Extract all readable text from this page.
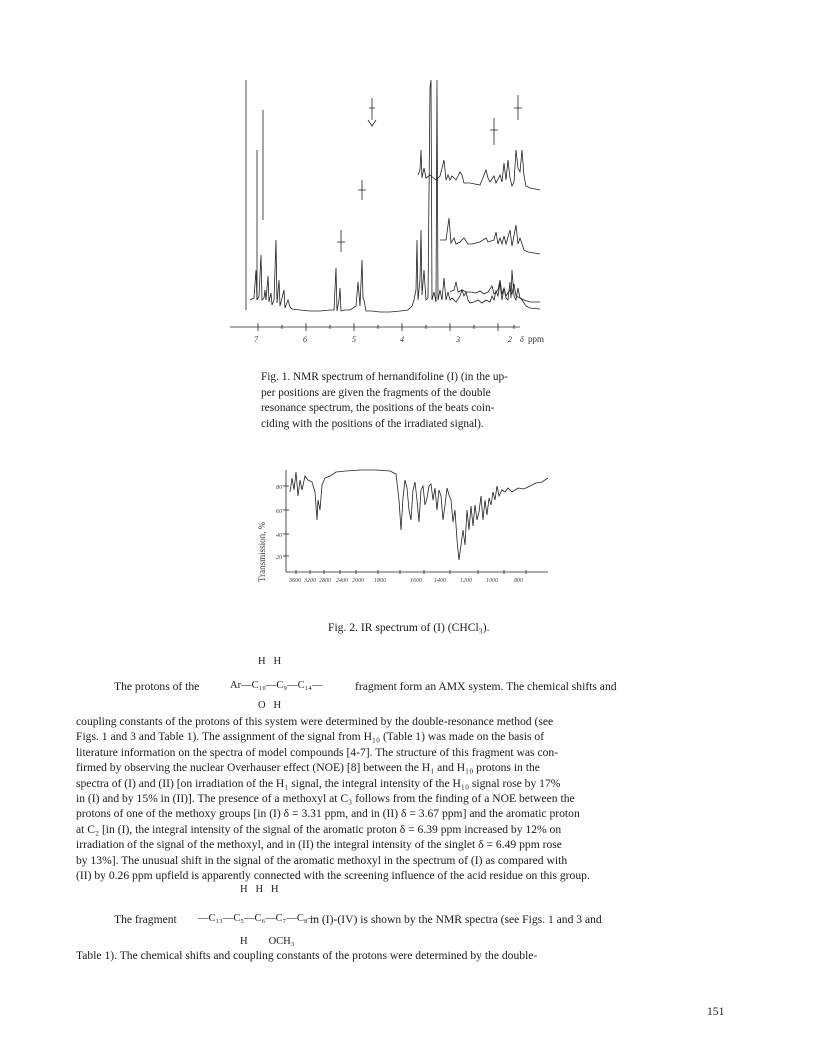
7	6	5	4	3	2 δ ppm
Fig. 1. NMR spectrum of hernandifoline (I) (in the up-
per positions are given the fragments of the double
resonance spectrum, the positions of the beats coin-
ciding with the positions of the irradiated signal).
80
60
40
20
Transmission, %	3600 3200 2800 2400 2000 1800	1600 1400 1200 1000	800
Fig. 2. IR spectrum of (I) (CHCl₃).
H   H
The protons of the	Ar—C₁₀—C₉—C₁₄—	fragment form an AMX system. The chemical shifts and
O   H
coupling constants of the protons of this system were determined by the double-resonance method (see
Figs. 1 and 3 and Table 1). The assignment of the signal from H₁₀ (Table 1) was made on the basis of
literature information on the spectra of model compounds [4-7]. The structure of this fragment was con-
firmed by observing the nuclear Overhauser effect (NOE) [8] between the H₁ and H₁₀ protons in the
spectra of (I) and (II) [on irradiation of the H₁ signal, the integral intensity of the H₁₀ signal rose by 17%
in (I) and by 15% in (II)]. The presence of a methoxyl at C₃ follows from the finding of a NOE between the
protons of one of the methoxy groups [in (I) δ = 3.31 ppm, and in (II) δ = 3.67 ppm] and the aromatic proton
at C₂ [in (I), the integral intensity of the signal of the aromatic proton δ = 6.39 ppm increased by 12% on
irradiation of the signal of the methoxyl, and in (II) the integral intensity of the singlet δ = 6.49 ppm rose
by 13%]. The unusual shift in the signal of the aromatic methoxyl in the spectrum of (I) as compared with
(II) by 0.26 ppm upfield is apparently connected with the screening influence of the acid residue on this group.
H   H   H
The fragment —C₁₃—C₅—C₆—C₇—C₈—
in (I)-(IV) is shown by the NMR spectra (see Figs. 1 and 3 and
H        OCH₃
Table 1). The chemical shifts and coupling constants of the protons were determined by the double-
151
